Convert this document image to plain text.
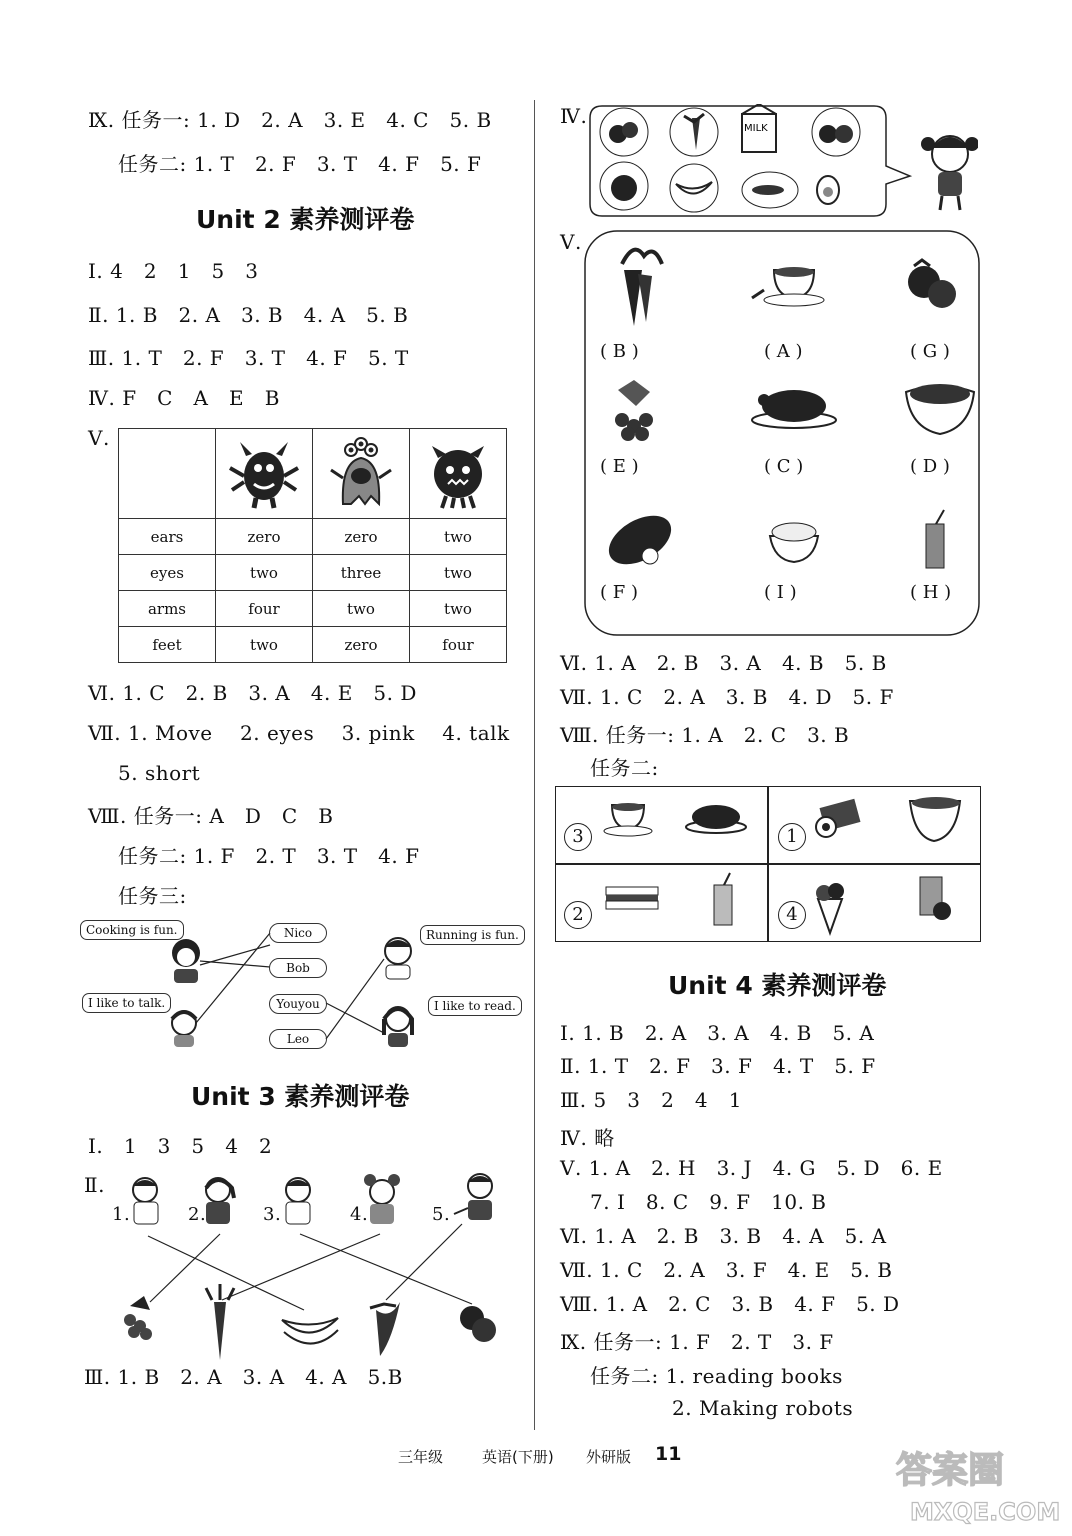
Ⅸ. 任务一: 1. D   2. A   3. E   4. C   5. B
任务二: 1. T   2. F   3. T   4. F   5. F
Unit 2 素养测评卷
Ⅰ. 4   2   1   5   3
Ⅱ. 1. B   2. A   3. B   4. A   5. B
Ⅲ. 1. T   2. F   3. T   4. F   5. T
Ⅳ. F   C   A   E   B
Ⅴ.

ears	zero	zero	two
eyes	two	three	two
arms	four	two	two
feet	two	zero	four
Ⅵ. 1. C   2. B   3. A   4. E   5. D
Ⅶ. 1. Move    2. eyes    3. pink    4. talk
5. short
Ⅷ. 任务一: A   D   C   B
任务二: 1. F   2. T   3. T   4. F
任务三:
Cooking is fun.
I like to talk.
Running is fun.
I like to read.
Nico
Bob
Youyou
Leo
Unit 3 素养测评卷
Ⅰ.   1   3   5   4   2
Ⅱ.
1.	2.	3.	4.	5.
Ⅲ. 1. B   2. A   3. A   4. A   5.B
Ⅳ.
MILK
Ⅴ.
( B )	( A )	( G )
( E )	( C )	( D )
( F )	( I )	( H )
Ⅵ. 1. A   2. B   3. A   4. B   5. B
Ⅶ. 1. C   2. A   3. B   4. D   5. F
Ⅷ. 任务一: 1. A   2. C   3. B
任务二:
3	1
2	4
Unit 4 素养测评卷
Ⅰ. 1. B   2. A   3. A   4. B   5. A
Ⅱ. 1. T   2. F   3. F   4. T   5. F
Ⅲ. 5   3   2   4   1
Ⅳ. 略
Ⅴ. 1. A   2. H   3. J   4. G   5. D   6. E
7. I   8. C   9. F   10. B
Ⅵ. 1. A   2. B   3. B   4. A   5. A
Ⅶ. 1. C   2. A   3. F   4. E   5. B
Ⅷ. 1. A   2. C   3. B   4. F   5. D
Ⅸ. 任务一: 1. F   2. T   3. F
任务二: 1. reading books
2. Making robots
三年级	英语(下册) 外研版 11	答案圈
MXQE.COM
